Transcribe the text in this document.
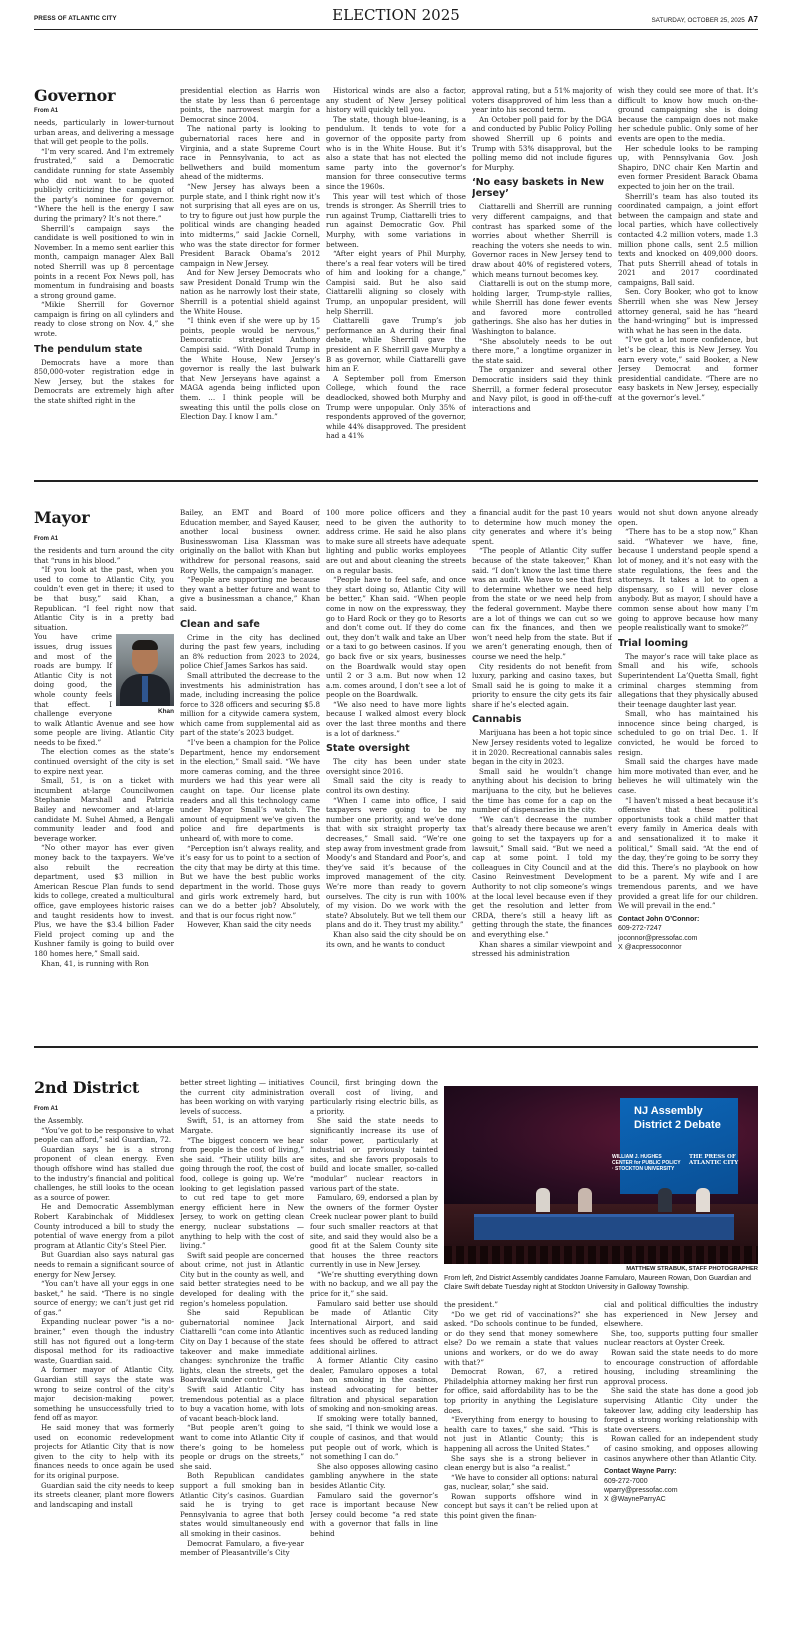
PRESS OF ATLANTIC CITY	ELECTION 2025	SATURDAY, OCTOBER 25, 2025 A7
Governor
From A1

needs, particularly in lower-turnout urban areas, and delivering a message that will get people to the polls.

“I’m very scared. And I’m extremely frustrated,” said a Democratic candidate running for state Assembly who did not want to be quoted publicly criticizing the campaign of the party’s nominee for governor. “Where the hell is the energy I saw during the primary? It’s not there.”

Sherrill’s campaign says the candidate is well positioned to win in November. In a memo sent earlier this month, campaign manager Alex Ball noted Sherrill was up 8 percentage points in a recent Fox News poll, has momentum in fundraising and boasts a strong ground game.

“Mikie Sherrill for Governor campaign is firing on all cylinders and ready to close strong on Nov. 4,” she wrote.

The pendulum state

Democrats have a more than 850,000-voter registration edge in New Jersey, but the stakes for Democrats are extremely high after the state shifted right in the

presidential election as Harris won the state by less than 6 percentage points, the narrowest margin for a Democrat since 2004.

The national party is looking to gubernatorial races here and in Virginia, and a state Supreme Court race in Pennsylvania, to act as bellwethers and build momentum ahead of the midterms.

“New Jersey has always been a purple state, and I think right now it’s not surprising that all eyes are on us, to try to figure out just how purple the political winds are changing headed into midterms,” said Jackie Cornell, who was the state director for former President Barack Obama’s 2012 campaign in New Jersey.

And for New Jersey Democrats who saw President Donald Trump win the nation as he narrowly lost their state, Sherrill is a potential shield against the White House.

“I think even if she were up by 15 points, people would be nervous,” Democratic strategist Anthony Campisi said. “With Donald Trump in the White House, New Jersey’s governor is really the last bulwark that New Jerseyans have against a MAGA agenda being inflicted upon them. … I think people will be sweating this until the polls close on Election Day. I know I am.”

Historical winds are also a factor, any student of New Jersey political history will quickly tell you.

The state, though blue-leaning, is a pendulum. It tends to vote for a governor of the opposite party from who is in the White House. But it’s also a state that has not elected the same party into the governor’s mansion for three consecutive terms since the 1960s.

This year will test which of those trends is stronger. As Sherrill tries to run against Trump, Ciattarelli tries to run against Democratic Gov. Phil Murphy, with some variations in between.

“After eight years of Phil Murphy, there’s a real fear voters will be tired of him and looking for a change,” Campisi said. But he also said Ciattarelli aligning so closely with Trump, an unpopular president, will help Sherrill.

Ciattarelli gave Trump’s job performance an A during their final debate, while Sherrill gave the president an F. Sherrill gave Murphy a B as governor, while Ciattarelli gave him an F.

A September poll from Emerson College, which found the race deadlocked, showed both Murphy and Trump were unpopular. Only 35% of respondents approved of the governor, while 44% disapproved. The president had a 41%

approval rating, but a 51% majority of voters disapproved of him less than a year into his second term.

An October poll paid for by the DGA and conducted by Public Policy Polling showed Sherrill up 6 points and Trump with 53% disapproval, but the polling memo did not include figures for Murphy.

‘No easy baskets in New Jersey’

Ciattarelli and Sherrill are running very different campaigns, and that contrast has sparked some of the worries about whether Sherrill is reaching the voters she needs to win. Governor races in New Jersey tend to draw about 40% of registered voters, which means turnout becomes key.

Ciattarelli is out on the stump more, holding larger, Trump-style rallies, while Sherrill has done fewer events and favored more controlled gatherings. She also has her duties in Washington to balance.

“She absolutely needs to be out there more,” a longtime organizer in the state said.

The organizer and several other Democratic insiders said they think Sherrill, a former federal prosecutor and Navy pilot, is good in off-the-cuff interactions and

wish they could see more of that. It’s difficult to know how much on-the-ground campaigning she is doing because the campaign does not make her schedule public. Only some of her events are open to the media.

Her schedule looks to be ramping up, with Pennsylvania Gov. Josh Shapiro, DNC chair Ken Martin and even former President Barack Obama expected to join her on the trail.

Sherrill’s team has also touted its coordinated campaign, a joint effort between the campaign and state and local parties, which have collectively contacted 4.2 million voters, made 1.3 million phone calls, sent 2.5 million texts and knocked on 409,000 doors. That puts Sherrill ahead of totals in 2021 and 2017 coordinated campaigns, Ball said.

Sen. Cory Booker, who got to know Sherrill when she was New Jersey attorney general, said he has “heard the hand-wringing” but is impressed with what he has seen in the data.

“I’ve got a lot more confidence, but let’s be clear, this is New Jersey. You earn every vote,” said Booker, a New Jersey Democrat and former presidential candidate. “There are no easy baskets in New Jersey, especially at the governor’s level.”

Mayor
From A1

the residents and turn around the city that “runs in his blood.”

“If you look at the past, when you used to come to Atlantic City, you couldn’t even get in there; it used to be that busy,” said Khan, a Republican. “I feel right now that Atlantic City is in a pretty bad situation.

Khan

You have crime issues, drug issues and most of the roads are bumpy. If Atlantic City is not doing good, the whole county feels that effect. I challenge everyone to walk Atlantic Avenue and see how some people are living. Atlantic City needs to be fixed.”

The election comes as the state’s continued oversight of the city is set to expire next year.

Small, 51, is on a ticket with incumbent at-large Councilwomen Stephanie Marshall and Patricia Bailey and newcomer and at-large candidate M. Suhel Ahmed, a Bengali community leader and food and beverage worker.

“No other mayor has ever given money back to the taxpayers. We’ve also rebuilt the recreation department, used $3 million in American Rescue Plan funds to send kids to college, created a multicultural office, gave employees historic raises and taught residents how to invest. Plus, we have the $3.4 billion Fader Field project coming up and the Kushner family is going to build over 180 homes here,” Small said.

Khan, 41, is running with Ron

Bailey, an EMT and Board of Education member, and Sayed Kauser, another local business owner. Businesswoman Lisa Klassman was originally on the ballot with Khan but withdrew for personal reasons, said Rory Wells, the campaign’s manager.

“People are supporting me because they want a better future and want to give a businessman a chance,” Khan said.

Clean and safe

Crime in the city has declined during the past few years, including an 8% reduction from 2023 to 2024, police Chief James Sarkos has said.

Small attributed the decrease to the investments his administration has made, including increasing the police force to 328 officers and securing $5.8 million for a citywide camera system, which came from supplemental aid as part of the state’s 2023 budget.

“I’ve been a champion for the Police Department, hence my endorsement in the election,” Small said. “We have more cameras coming, and the three murders we had this year were all caught on tape. Our license plate readers and all this technology came under Mayor Small’s watch. The amount of equipment we’ve given the police and fire departments is unheard of, with more to come.

“Perception isn’t always reality, and it’s easy for us to point to a section of the city that may be dirty at this time. But we have the best public works department in the world. Those guys and girls work extremely hard, but can we do a better job? Absolutely, and that is our focus right now.”

However, Khan said the city needs

100 more police officers and they need to be given the authority to address crime. He said he also plans to make sure all streets have adequate lighting and public works employees are out and about cleaning the streets on a regular basis.

“People have to feel safe, and once they start doing so, Atlantic City will be better,” Khan said. “When people come in now on the expressway, they go to Hard Rock or they go to Resorts and don’t come out. If they do come out, they don’t walk and take an Uber or a taxi to go between casinos. If you go back five or six years, businesses on the Boardwalk would stay open until 2 or 3 a.m. But now when 12 a.m. comes around, I don’t see a lot of people on the Boardwalk.

“We also need to have more lights because I walked almost every block over the last three months and there is a lot of darkness.”

State oversight

The city has been under state oversight since 2016.

Small said the city is ready to control its own destiny.

“When I came into office, I said taxpayers were going to be my number one priority, and we’ve done that with six straight property tax decreases,” Small said. “We’re one step away from investment grade from Moody’s and Standard and Poor’s, and they’ve said it’s because of the improved management of the city. We’re more than ready to govern ourselves. The city is run with 100% of my vision. Do we work with the state? Absolutely. But we tell them our plans and do it. They trust my ability.”

Khan also said the city should be on its own, and he wants to conduct

a financial audit for the past 10 years to determine how much money the city generates and where it’s being spent.

“The people of Atlantic City suffer because of the state takeover,” Khan said. “I don’t know the last time there was an audit. We have to see that first to determine whether we need help from the state or we need help from the federal government. Maybe there are a lot of things we can cut so we can fix the finances, and then we won’t need help from the state. But if we aren’t generating enough, then of course we need the help.”

City residents do not benefit from luxury, parking and casino taxes, but Small said he is going to make it a priority to ensure the city gets its fair share if he’s elected again.

Cannabis

Marijuana has been a hot topic since New Jersey residents voted to legalize it in 2020. Recreational cannabis sales began in the city in 2023.

Small said he wouldn’t change anything about his decision to bring marijuana to the city, but he believes the time has come for a cap on the number of dispensaries in the city.

“We can’t decrease the number that’s already there because we aren’t going to set the taxpayers up for a lawsuit,” Small said. “But we need a cap at some point. I told my colleagues in City Council and at the Casino Reinvestment Development Authority to not clip someone’s wings at the local level because even if they get the resolution and letter from CRDA, there’s still a heavy lift as getting through the state, the finances and everything else.”

Khan shares a similar viewpoint and stressed his administration

would not shut down anyone already open.

“There has to be a stop now,” Khan said. “Whatever we have, fine, because I understand people spend a lot of money, and it’s not easy with the state regulations, the fees and the attorneys. It takes a lot to open a dispensary, so I will never close anybody. But as mayor, I should have a common sense about how many I’m going to approve because how many people realistically want to smoke?”

Trial looming

The mayor’s race will take place as Small and his wife, schools Superintendent La’Quetta Small, fight criminal charges stemming from allegations that they physically abused their teenage daughter last year.

Small, who has maintained his innocence since being charged, is scheduled to go on trial Dec. 1. If convicted, he would be forced to resign.

Small said the charges have made him more motivated than ever, and he believes he will ultimately win the case.

“I haven’t missed a beat because it’s offensive that these political opportunists took a child matter that every family in America deals with and sensationalized it to make it political,” Small said. “At the end of the day, they’re going to be sorry they did this. There’s no playbook on how to be a parent. My wife and I are tremendous parents, and we have provided a great life for our children. We will prevail in the end.”

Contact John O’Connor:
609-272-7247
joconnor@pressofac.com
X @acpressoconnor
2nd District
From A1

the Assembly.

“You’ve got to be responsive to what people can afford,” said Guardian, 72.

Guardian says he is a strong proponent of clean energy. Even though offshore wind has stalled due to the industry’s financial and political challenges, he still looks to the ocean as a source of power.

He and Democratic Assemblyman Robert Karabinchak of Middlesex County introduced a bill to study the potential of wave energy from a pilot program at Atlantic City’s Steel Pier.

But Guardian also says natural gas needs to remain a significant source of energy for New Jersey.

“You can’t have all your eggs in one basket,” he said. “There is no single source of energy; we can’t just get rid of gas.”

Expanding nuclear power “is a no-brainer,” even though the industry still has not figured out a long-term disposal method for its radioactive waste, Guardian said.

A former mayor of Atlantic City, Guardian still says the state was wrong to seize control of the city’s major decision-making power, something he unsuccessfully tried to fend off as mayor.

He said money that was formerly used on economic redevelopment projects for Atlantic City that is now given to the city to help with its finances needs to once again be used for its original purpose.

Guardian said the city needs to keep its streets cleaner, plant more flowers and landscaping and install

better street lighting — initiatives the current city administration has been working on with varying levels of success.

Swift, 51, is an attorney from Margate.

“The biggest concern we hear from people is the cost of living,” she said. “Their utility bills are going through the roof, the cost of food, college is going up. We’re looking to get legislation passed to cut red tape to get more energy efficient here in New Jersey, to work on getting clean energy, nuclear substations — anything to help with the cost of living.”

Swift said people are concerned about crime, not just in Atlantic City but in the county as well, and said better strategies need to be developed for dealing with the region’s homeless population.

She said Republican gubernatorial nominee Jack Ciattarelli “can come into Atlantic City on Day 1 because of the state takeover and make immediate changes: synchronize the traffic lights, clean the streets, get the Boardwalk under control.”

Swift said Atlantic City has tremendous potential as a place to buy a vacation home, with lots of vacant beach-block land.

“But people aren’t going to want to come into Atlantic City if there’s going to be homeless people or drugs on the streets,” she said.

Both Republican candidates support a full smoking ban in Atlantic City’s casinos. Guardian said he is trying to get Pennsylvania to agree that both states would simultaneously end all smoking in their casinos.

Democrat Famularo, a five-year member of Pleasantville’s City

Council, first bringing down the overall cost of living, and particularly rising electric bills, as a priority.

She said the state needs to significantly increase its use of solar power, particularly at industrial or previously tainted sites, and she favors proposals to build and locate smaller, so-called “modular” nuclear reactors in various part of the state.

Famularo, 69, endorsed a plan by the owners of the former Oyster Creek nuclear power plant to build four such smaller reactors at that site, and said they would also be a good fit at the Salem County site that houses the three reactors currently in use in New Jersey.

“We’re shutting everything down with no backup, and we all pay the price for it,” she said.

Famularo said better use should be made of Atlantic City International Airport, and said incentives such as reduced landing fees should be offered to attract additional airlines.

A former Atlantic City casino dealer, Famularo opposes a total ban on smoking in the casinos, instead advocating for better filtration and physical separation of smoking and non-smoking areas.

If smoking were totally banned, she said, “I think we would lose a couple of casinos, and that would put people out of work, which is not something I can do.”

She also opposes allowing casino gambling anywhere in the state besides Atlantic City.

Famularo said the governor’s race is important because New Jersey could become “a red state with a governor that falls in line behind

NJ Assembly
District 2 Debate
WILLIAM J. HUGHES CENTER for PUBLIC POLICY · STOCKTON UNIVERSITY
THE PRESS OF ATLANTIC CITY
MATTHEW STRABUK, STAFF PHOTOGRAPHER
From left, 2nd District Assembly candidates Joanne Famularo, Maureen Rowan, Don Guardian and Claire Swift debate Tuesday night at Stockton University in Galloway Township.

the president.”

“Do we get rid of vaccinations?” she asked. “Do schools continue to be funded, or do they send that money somewhere else? Do we remain a state that values unions and workers, or do we do away with that?”

Democrat Rowan, 67, a retired Philadelphia attorney making her first run for office, said affordability has to be the top priority in anything the Legislature does.

“Everything from energy to housing to health care to taxes,” she said. “This is not just in Atlantic County; this is happening all across the United States.”

She says she is a strong believer in clean energy but is also “a realist.”

“We have to consider all options: natural gas, nuclear, solar,” she said.

Rowan supports offshore wind in concept but says it can’t be relied upon at this point given the finan-

cial and political difficulties the industry has experienced in New Jersey and elsewhere.

She, too, supports putting four smaller nuclear reactors at Oyster Creek.

Rowan said the state needs to do more to encourage construction of affordable housing, including streamlining the approval process.

She said the state has done a good job supervising Atlantic City under the takeover law, adding city leadership has forged a strong working relationship with state overseers.

Rowan called for an independent study of casino smoking, and opposes allowing casinos anywhere other than Atlantic City.

Contact Wayne Parry:
609-272-7000
wparry@pressofac.com
X @WayneParryAC
